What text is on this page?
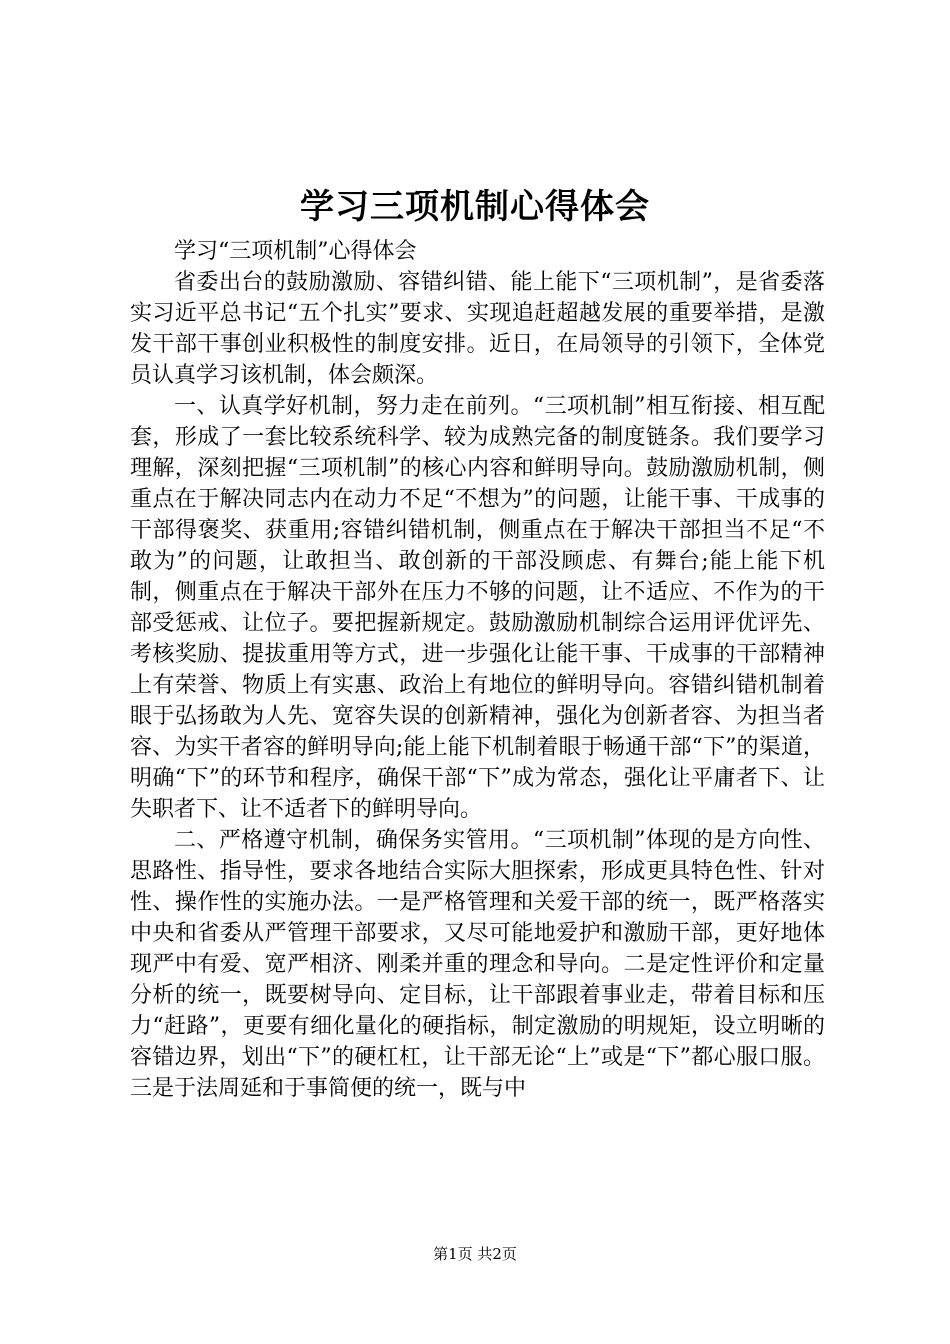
学习三项机制心得体会

学习“三项机制”心得体会

省委出台的鼓励激励、容错纠错、能上能下“三项机制”，是省委落实习近平总书记“五个扎实”要求、实现追赶超越发展的重要举措，是激发干部干事创业积极性的制度安排。近日，在局领导的引领下，全体党员认真学习该机制，体会颇深。

一、认真学好机制，努力走在前列。“三项机制”相互衔接、相互配套，形成了一套比较系统科学、较为成熟完备的制度链条。我们要学习理解，深刻把握“三项机制”的核心内容和鲜明导向。鼓励激励机制，侧重点在于解决同志内在动力不足“不想为”的问题，让能干事、干成事的干部得褒奖、获重用;容错纠错机制，侧重点在于解决干部担当不足“不敢为”的问题，让敢担当、敢创新的干部没顾虑、有舞台;能上能下机制，侧重点在于解决干部外在压力不够的问题，让不适应、不作为的干部受惩戒、让位子。要把握新规定。鼓励激励机制综合运用评优评先、考核奖励、提拔重用等方式，进一步强化让能干事、干成事的干部精神上有荣誉、物质上有实惠、政治上有地位的鲜明导向。容错纠错机制着眼于弘扬敢为人先、宽容失误的创新精神，强化为创新者容、为担当者容、为实干者容的鲜明导向;能上能下机制着眼于畅通干部“下”的渠道，明确“下”的环节和程序，确保干部“下”成为常态，强化让平庸者下、让失职者下、让不适者下的鲜明导向。

二、严格遵守机制，确保务实管用。“三项机制”体现的是方向性、思路性、指导性，要求各地结合实际大胆探索，形成更具特色性、针对性、操作性的实施办法。一是严格管理和关爱干部的统一，既严格落实中央和省委从严管理干部要求，又尽可能地爱护和激励干部，更好地体现严中有爱、宽严相济、刚柔并重的理念和导向。二是定性评价和定量分析的统一，既要树导向、定目标，让干部跟着事业走，带着目标和压力“赶路”，更要有细化量化的硬指标，制定激励的明规矩，设立明晰的容错边界，划出“下”的硬杠杠，让干部无论“上”或是“下”都心服口服。三是于法周延和于事简便的统一，既与中

第1页 共2页
